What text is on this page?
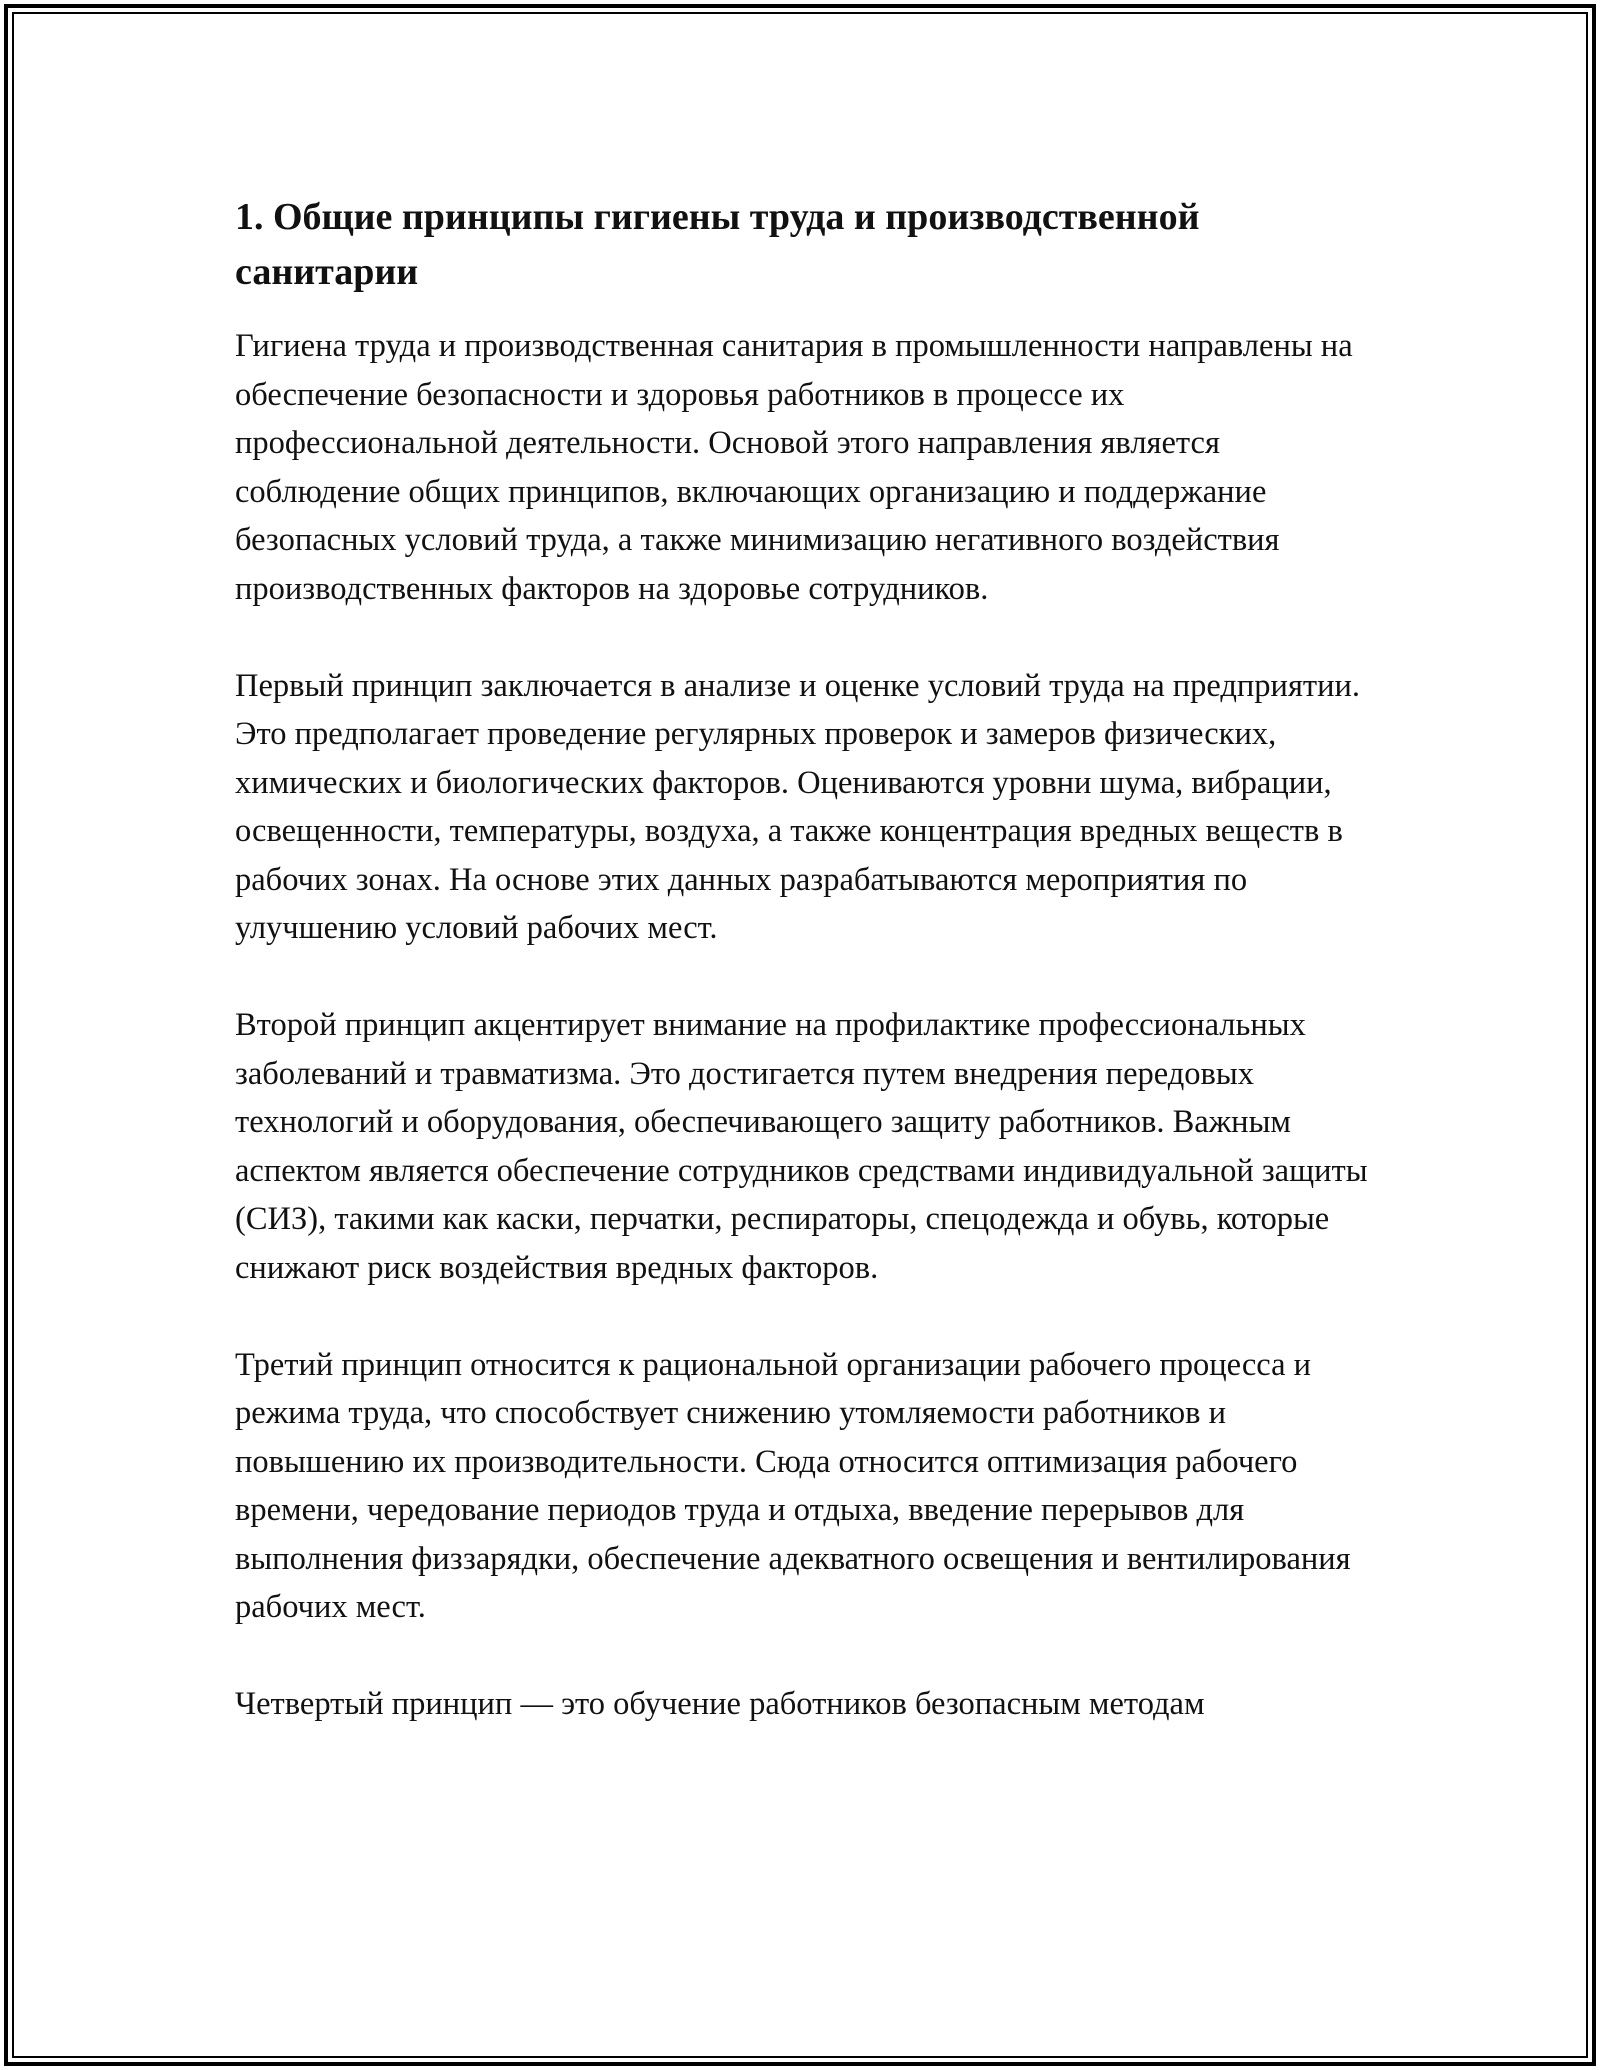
1. Общие принципы гигиены труда и производственной санитарии

Гигиена труда и производственная санитария в промышленности направлены на обеспечение безопасности и здоровья работников в процессе их профессиональной деятельности. Основой этого направления является соблюдение общих принципов, включающих организацию и поддержание безопасных условий труда, а также минимизацию негативного воздействия производственных факторов на здоровье сотрудников.

Первый принцип заключается в анализе и оценке условий труда на предприятии. Это предполагает проведение регулярных проверок и замеров физических, химических и биологических факторов. Оцениваются уровни шума, вибрации, освещенности, температуры, воздуха, а также концентрация вредных веществ в рабочих зонах. На основе этих данных разрабатываются мероприятия по улучшению условий рабочих мест.

Второй принцип акцентирует внимание на профилактике профессиональных заболеваний и травматизма. Это достигается путем внедрения передовых технологий и оборудования, обеспечивающего защиту работников. Важным аспектом является обеспечение сотрудников средствами индивидуальной защиты (СИЗ), такими как каски, перчатки, респираторы, спецодежда и обувь, которые снижают риск воздействия вредных факторов.

Третий принцип относится к рациональной организации рабочего процесса и режима труда, что способствует снижению утомляемости работников и повышению их производительности. Сюда относится оптимизация рабочего времени, чередование периодов труда и отдыха, введение перерывов для выполнения физзарядки, обеспечение адекватного освещения и вентилирования рабочих мест.

Четвертый принцип — это обучение работников безопасным методам
